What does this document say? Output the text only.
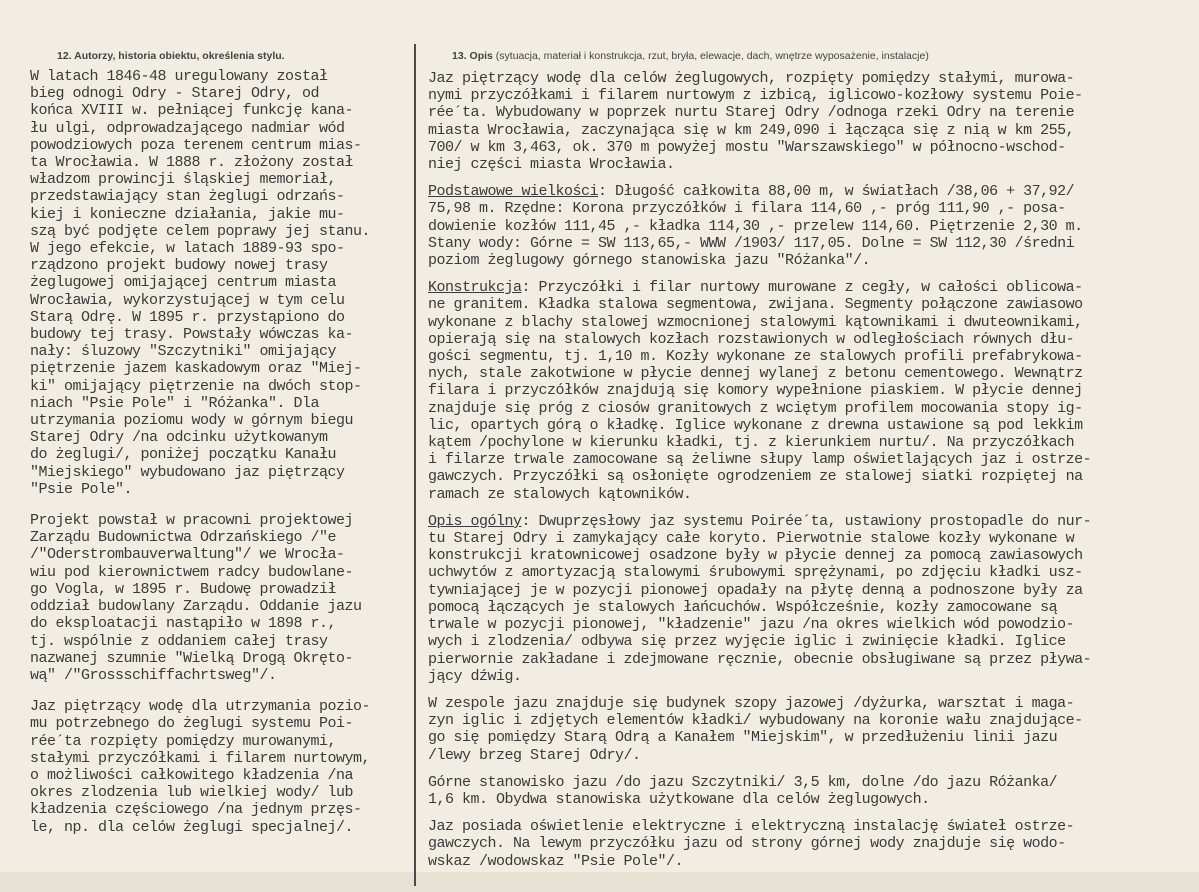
12. Autorzy, historia obiektu, określenia stylu.	13. Opis (sytuacja, materiał i konstrukcja, rzut, bryła, elewacje, dach, wnętrze wyposażenie, instalacje)
W latach 1846-48 uregulowany został
bieg odnogi Odry - Starej Odry, od
końca XVIII w. pełniącej funkcję kana-
łu ulgi, odprowadzającego nadmiar wód
powodziowych poza terenem centrum mias-
ta Wrocławia. W 1888 r. złożony został
władzom prowincji śląskiej memoriał,
przedstawiający stan żeglugi odrzańs-
kiej i konieczne działania, jakie mu-
szą być podjęte celem poprawy jej stanu.
W jego efekcie, w latach 1889-93 spo-
rządzono projekt budowy nowej trasy
żeglugowej omijającej centrum miasta
Wrocławia, wykorzystującej w tym celu
Starą Odrę. W 1895 r. przystąpiono do
budowy tej trasy. Powstały wówczas ka-
nały: śluzowy "Szczytniki" omijający
piętrzenie jazem kaskadowym oraz "Miej-
ki" omijający piętrzenie na dwóch stop-
niach "Psie Pole" i "Różanka". Dla
utrzymania poziomu wody w górnym biegu
Starej Odry /na odcinku użytkowanym
do żeglugi/, poniżej początku Kanału
"Miejskiego" wybudowano jaz piętrzący
"Psie Pole".
Projekt powstał w pracowni projektowej
Zarządu Budownictwa Odrzańskiego /"e
/"Oderstrombauverwaltung"/ we Wrocła-
wiu pod kierownictwem radcy budowlane-
go Vogla, w 1895 r. Budowę prowadził
oddział budowlany Zarządu. Oddanie jazu
do eksploatacji nastąpiło w 1898 r.,
tj. wspólnie z oddaniem całej trasy
nazwanej szumnie "Wielką Drogą Okręto-
wą" /"Grossschiffachrtsweg"/.
Jaz piętrzący wodę dla utrzymania pozio-
mu potrzebnego do żeglugi systemu Poi-
rée´ta rozpięty pomiędzy murowanymi,
stałymi przyczółkami i filarem nurtowym,
o możliwości całkowitego kładzenia /na
okres zlodzenia lub wielkiej wody/ lub
kładzenia częściowego /na jednym przęs-
le, np. dla celów żeglugi specjalnej/.
Jaz piętrzący wodę dla celów żeglugowych, rozpięty pomiędzy stałymi, murowa-
nymi przyczółkami i filarem nurtowym z izbicą, iglicowo-kozłowy systemu Poie-
rée´ta. Wybudowany w poprzek nurtu Starej Odry /odnoga rzeki Odry na terenie
miasta Wrocławia, zaczynająca się w km 249,090 i łącząca się z nią w km 255,
700/ w km 3,463, ok. 370 m powyżej mostu "Warszawskiego" w północno-wschod-
niej części miasta Wrocławia.
Podstawowe wielkości: Długość całkowita 88,00 m, w światłach /38,06 + 37,92/
75,98 m. Rzędne: Korona przyczółków i filara 114,60 ,- próg 111,90 ,- posa-
dowienie kozłów 111,45 ,- kładka 114,30 ,- przelew 114,60. Piętrzenie 2,30 m.
Stany wody: Górne = SW 113,65,- WWW /1903/ 117,05. Dolne = SW 112,30 /średni
poziom żeglugowy górnego stanowiska jazu "Różanka"/.
Konstrukcja: Przyczółki i filar nurtowy murowane z cegły, w całości oblicowa-
ne granitem. Kładka stalowa segmentowa, zwijana. Segmenty połączone zawiasowo
wykonane z blachy stalowej wzmocnionej stalowymi kątownikami i dwuteownikami,
opierają się na stalowych kozłach rozstawionych w odległościach równych dłu-
gości segmentu, tj. 1,10 m. Kozły wykonane ze stalowych profili prefabrykowa-
nych, stale zakotwione w płycie dennej wylanej z betonu cementowego. Wewnątrz
filara i przyczółków znajdują się komory wypełnione piaskiem. W płycie dennej
znajduje się próg z ciosów granitowych z wciętym profilem mocowania stopy ig-
lic, opartych górą o kładkę. Iglice wykonane z drewna ustawione są pod lekkim
kątem /pochylone w kierunku kładki, tj. z kierunkiem nurtu/. Na przyczółkach
i filarze trwale zamocowane są żeliwne słupy lamp oświetlających jaz i ostrze-
gawczych. Przyczółki są osłonięte ogrodzeniem ze stalowej siatki rozpiętej na
ramach ze stalowych kątowników.
Opis ogólny: Dwuprzęsłowy jaz systemu Poirée´ta, ustawiony prostopadle do nur-
tu Starej Odry i zamykający całe koryto. Pierwotnie stalowe kozły wykonane w
konstrukcji kratownicowej osadzone były w płycie dennej za pomocą zawiasowych
uchwytów z amortyzacją stalowymi śrubowymi sprężynami, po zdjęciu kładki usz-
tywniającej je w pozycji pionowej opadały na płytę denną a podnoszone były za
pomocą łączących je stalowych łańcuchów. Współcześnie, kozły zamocowane są
trwale w pozycji pionowej, "kładzenie" jazu /na okres wielkich wód powodzio-
wych i zlodzenia/ odbywa się przez wyjęcie iglic i zwinięcie kładki. Iglice
pierwornie zakładane i zdejmowane ręcznie, obecnie obsługiwane są przez pływa-
jący dźwig.
W zespole jazu znajduje się budynek szopy jazowej /dyżurka, warsztat i maga-
zyn iglic i zdjętych elementów kładki/ wybudowany na koronie wału znajdujące-
go się pomiędzy Starą Odrą a Kanałem "Miejskim", w przedłużeniu linii jazu
/lewy brzeg Starej Odry/.
Górne stanowisko jazu /do jazu Szczytniki/ 3,5 km, dolne /do jazu Różanka/
1,6 km. Obydwa stanowiska użytkowane dla celów żeglugowych.
Jaz posiada oświetlenie elektryczne i elektryczną instalację świateł ostrze-
gawczych. Na lewym przyczółku jazu od strony górnej wody znajduje się wodo-
wskaz /wodowskaz "Psie Pole"/.
